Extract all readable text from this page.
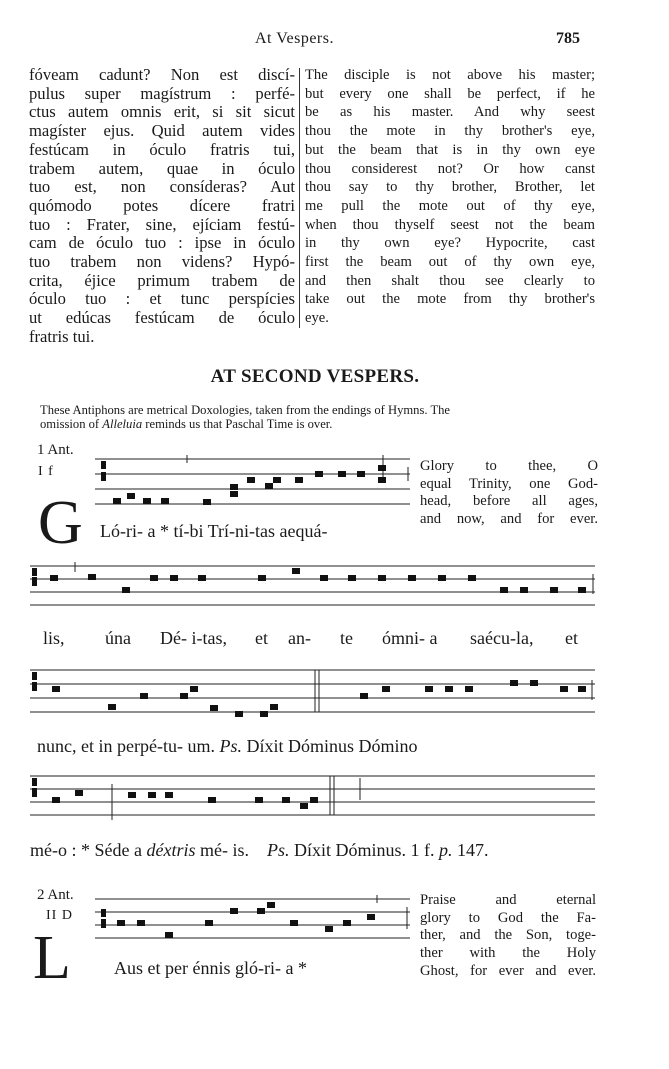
At Vespers.	785
fóveam cadunt? Non est discí-
pulus super magístrum : perfé-
ctus autem omnis erit, si sit sicut
magíster ejus. Quid autem vides
festúcam in óculo fratris tui,
trabem autem, quae in óculo
tuo est, non consíderas? Aut
quómodo potes dícere fratri
tuo : Frater, sine, ejíciam festú-
cam de óculo tuo : ipse in óculo
tuo trabem non videns? Hypó-
crita, éjice primum trabem de
óculo tuo : et tunc perspícies
ut edúcas festúcam de óculo
fratris tui.
The disciple is not above his master;
but every one shall be perfect, if he
be as his master. And why seest
thou the mote in thy brother's eye,
but the beam that is in thy own eye
thou considerest not? Or how canst
thou say to thy brother, Brother, let
me pull the mote out of thy eye,
when thou thyself seest not the beam
in thy own eye? Hypocrite, cast
first the beam out of thy own eye,
and then shalt thou see clearly to
take out the mote from thy brother's
eye.
AT SECOND VESPERS.
These Antiphons are metrical Doxologies, taken from the endings of Hymns. The
omission of Alleluia reminds us that Paschal Time is over.
1 Ant.
I f
G Ló-ri- a * tí-bi Trí-ni-tas aequá-
Glory to thee, O
equal Trinity, one God-
head, before all ages,
and now, and for ever.
lis, úna Dé- i-tas, et an- te ómni- a saécu-la, et
nunc, et in perpé-tu- um. Ps. Díxit Dóminus Dómino
mé-o : * Séde a déxtris mé- is. Ps. Díxit Dóminus. 1 f. p. 147.
2 Ant.
II D
L Aus et per énnis gló-ri- a *
Praise and eternal
glory to God the Fa-
ther, and the Son, toge-
ther with the Holy
Ghost, for ever and ever.
